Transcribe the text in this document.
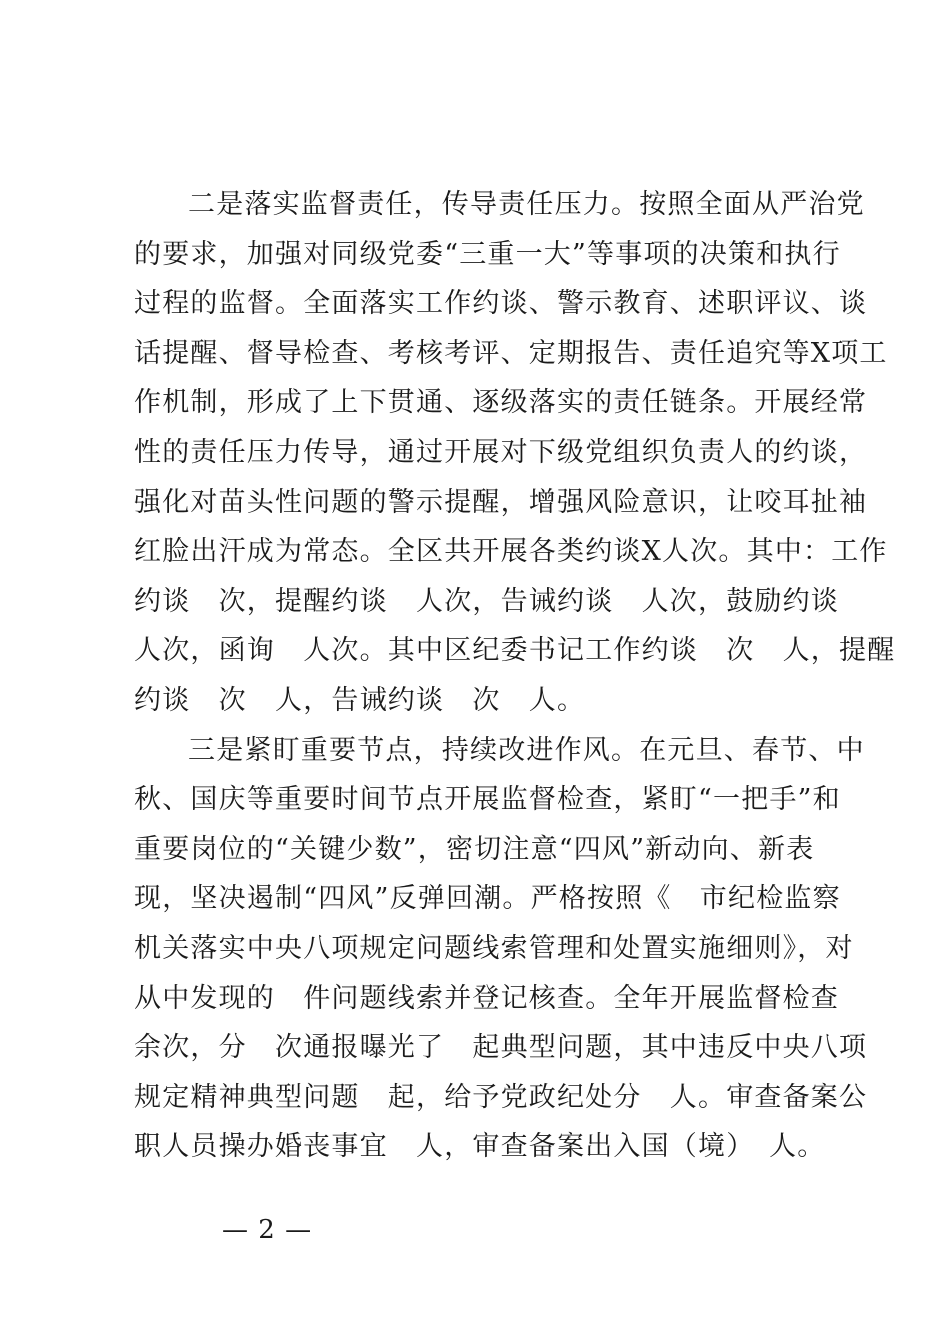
二是落实监督责任，传导责任压力。按照全面从严治党
的要求，加强对同级党委“三重一大”等事项的决策和执行
过程的监督。全面落实工作约谈、警示教育、述职评议、谈
话提醒、督导检查、考核考评、定期报告、责任追究等X项工
作机制，形成了上下贯通、逐级落实的责任链条。开展经常
性的责任压力传导，通过开展对下级党组织负责人的约谈，
强化对苗头性问题的警示提醒，增强风险意识，让咬耳扯袖
红脸出汗成为常态。全区共开展各类约谈X人次。其中：工作
约谈　次，提醒约谈　人次，告诫约谈　人次，鼓励约谈
人次，函询　人次。其中区纪委书记工作约谈　次　人，提醒
约谈　次　人，告诫约谈　次　人。
三是紧盯重要节点，持续改进作风。在元旦、春节、中
秋、国庆等重要时间节点开展监督检查，紧盯“一把手”和
重要岗位的“关键少数”，密切注意“四风”新动向、新表
现，坚决遏制“四风”反弹回潮。严格按照《　市纪检监察
机关落实中央八项规定问题线索管理和处置实施细则》，对
从中发现的　件问题线索并登记核查。全年开展监督检查
余次，分　次通报曝光了　起典型问题，其中违反中央八项
规定精神典型问题　起，给予党政纪处分　人。审查备案公
职人员操办婚丧事宜　人，审查备案出入国（境）　人。
— 2 —
